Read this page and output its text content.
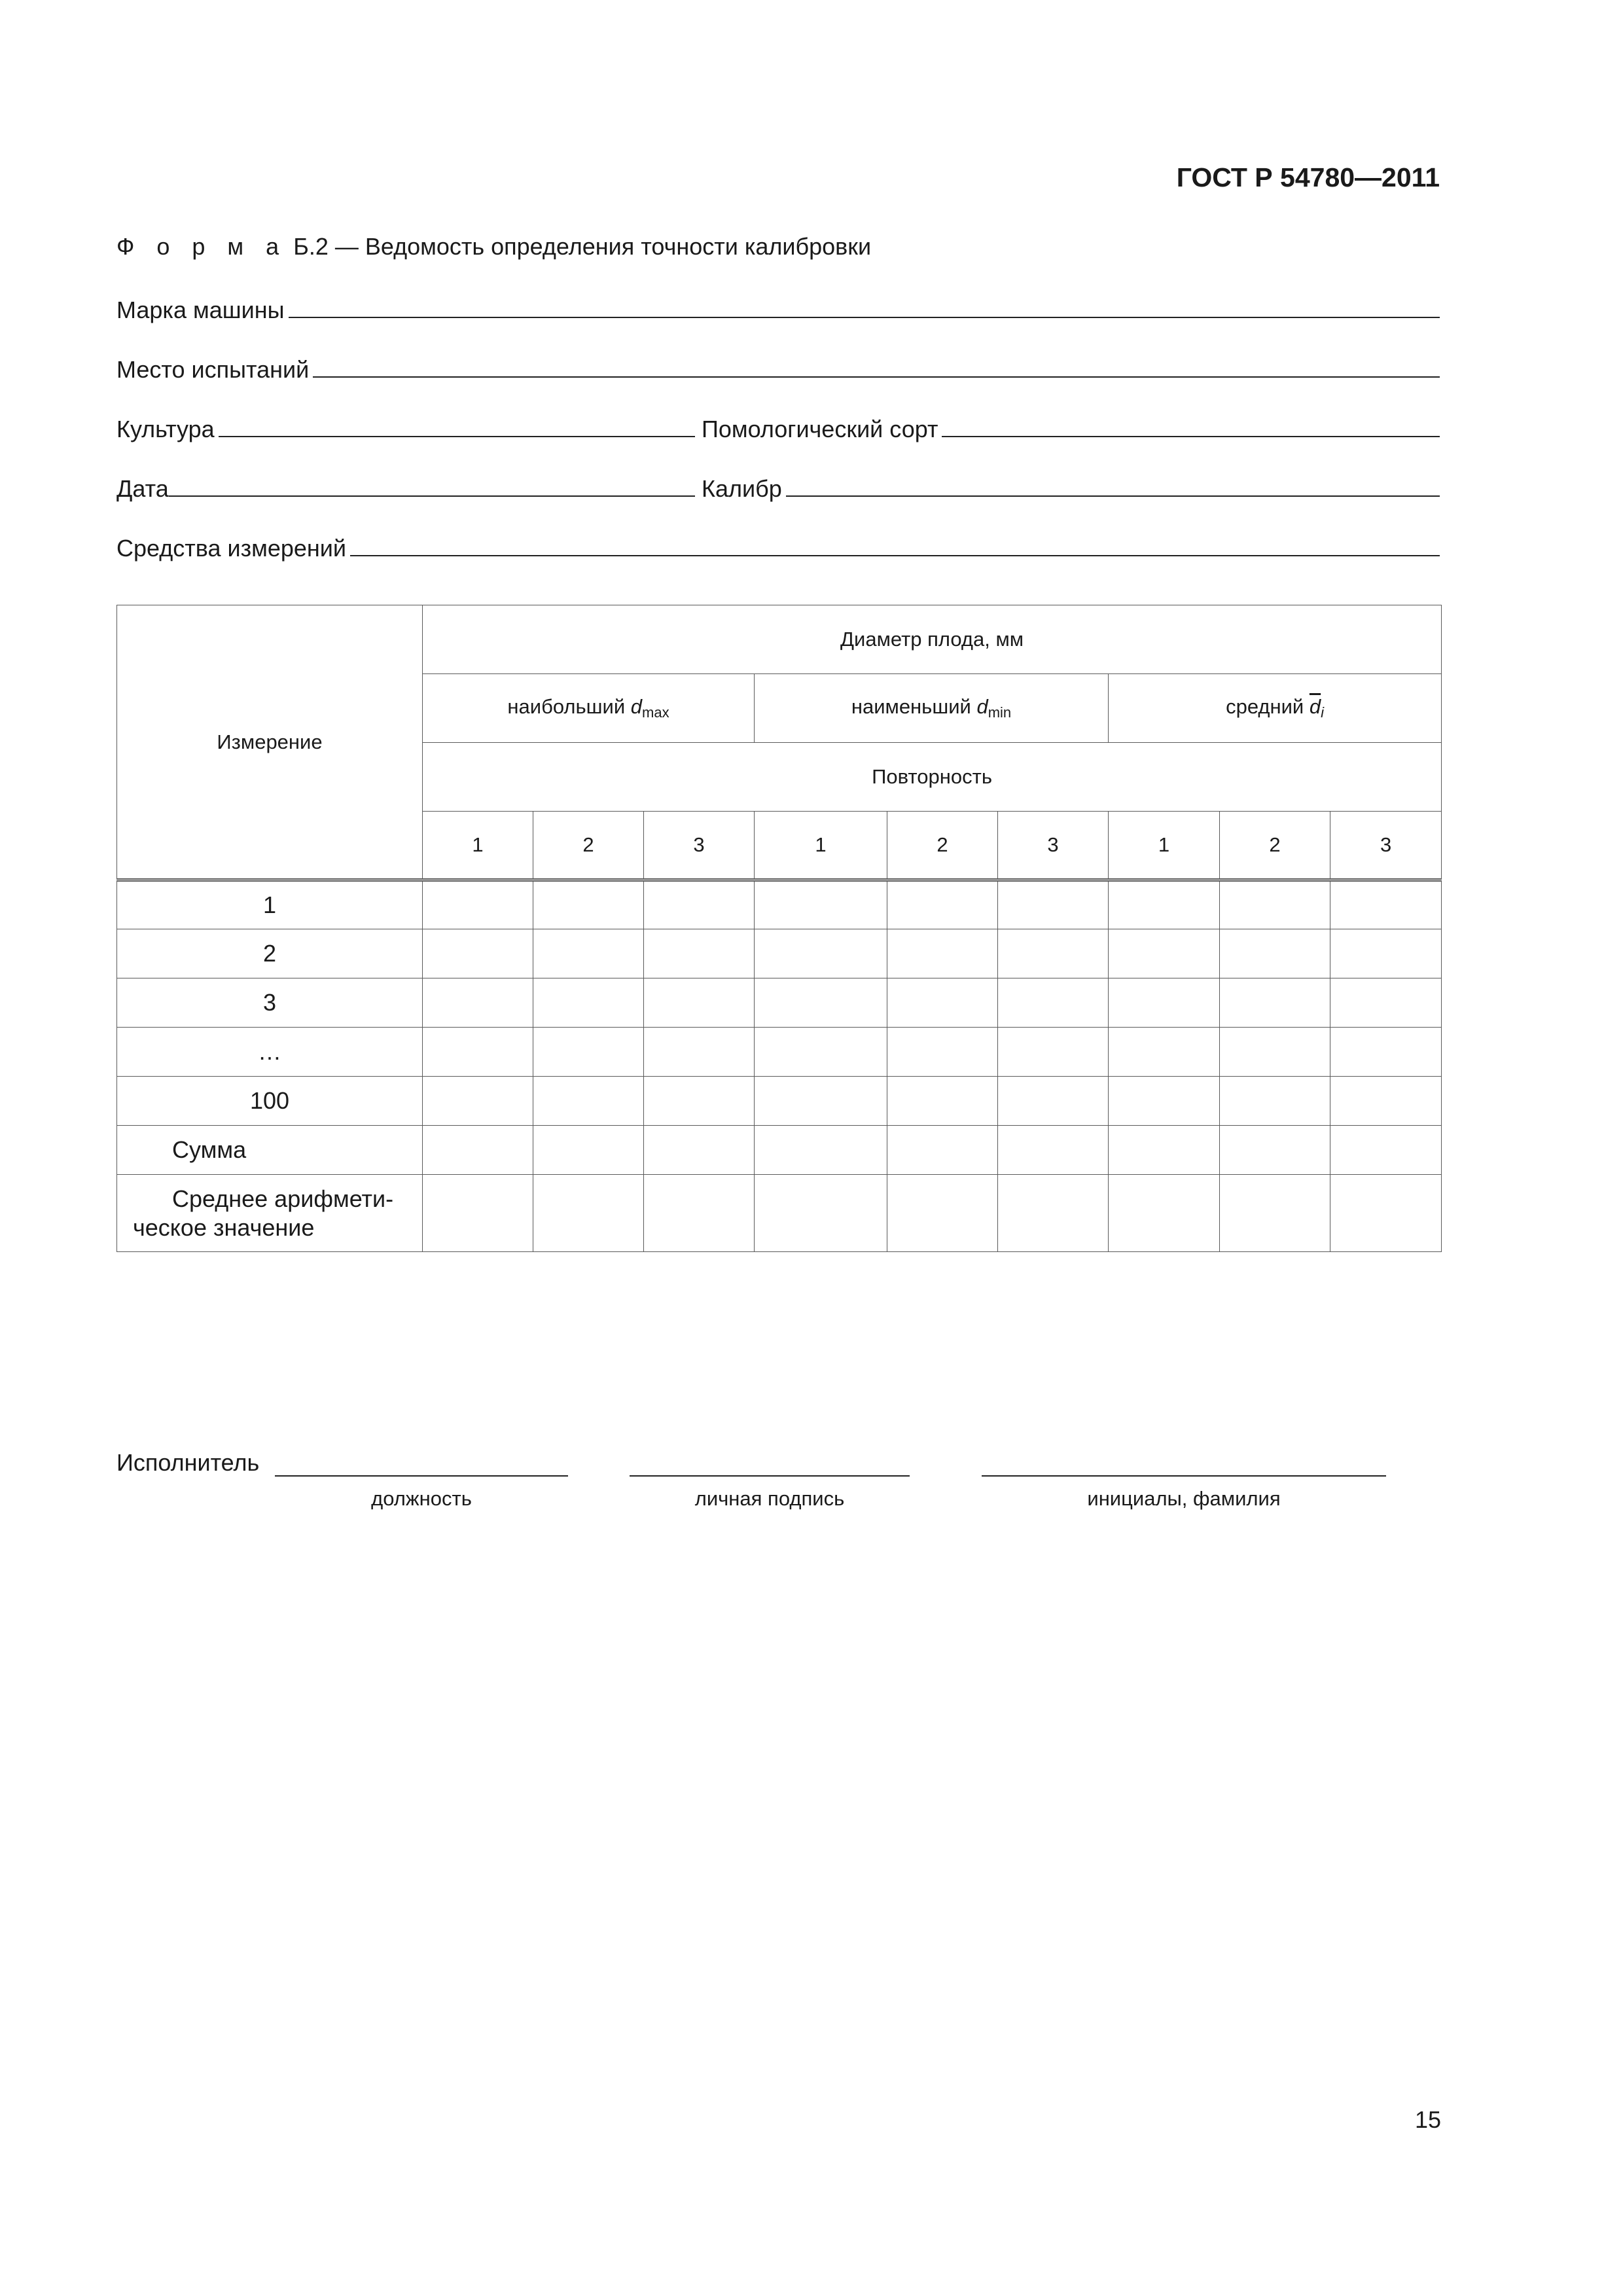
ГОСТ Р 54780—2011
Ф о р м а Б.2 — Ведомость определения точности калибровки
Марка машины
Место испытаний
Культура	Помологический сорт
Дата	Калибр
Средства измерений
Измерение	Диаметр плода, мм								
	наибольший $d_{max}$			наименьший $d_{min}$			средний $\overline{d}_i$
	Повторность								
	1	2	3	1	2	3	1	2	3
1									
2									
3									
…									
100									
Сумма									
Среднее арифмети-ческое значение									
Исполнитель
должность	личная подпись	инициалы, фамилия
15
